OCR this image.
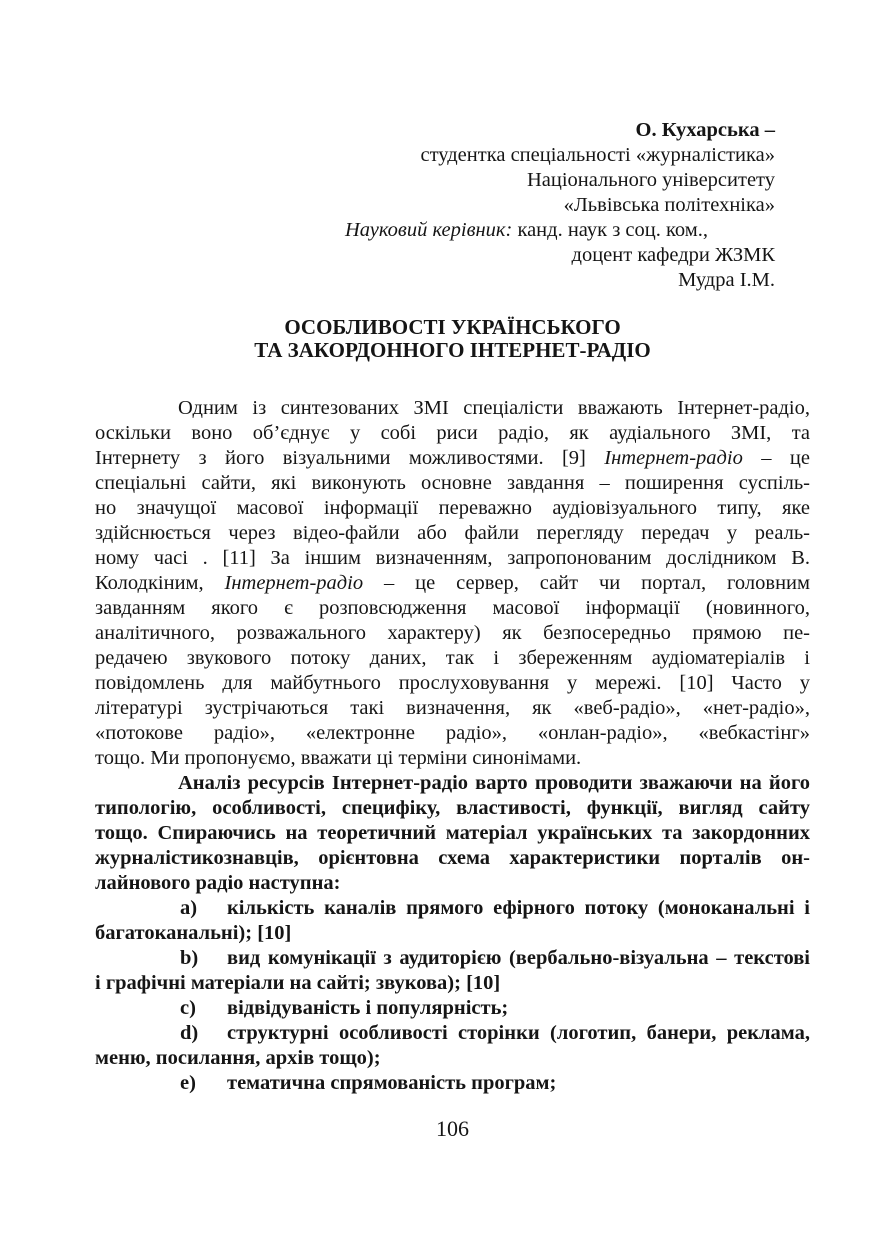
О. Кухарська –
студентка спеціальності «журналістика»
Національного університету
«Львівська політехніка»
Науковий керівник: канд. наук з соц. ком.,
доцент кафедри ЖЗМК
Мудра І.М.
ОСОБЛИВОСТІ УКРАЇНСЬКОГО
ТА ЗАКОРДОННОГО ІНТЕРНЕТ-РАДІО
Одним із синтезованих ЗМІ спеціалісти вважають Інтернет-радіо,
оскільки воно об’єднує у собі риси радіо, як аудіального ЗМІ, та
Інтернету з його візуальними можливостями. [9] Інтернет-радіо – це
спеціальні сайти, які виконують основне завдання – поширення суспіль-
но значущої масової інформації переважно аудіовізуального типу, яке
здійснюється через відео-файли або файли перегляду передач у реаль-
ному часі . [11] За іншим визначенням, запропонованим дослідником В.
Колодкіним, Інтернет-радіо – це сервер, сайт чи портал, головним
завданням якого є розповсюдження масової інформації (новинного,
аналітичного, розважального характеру) як безпосередньо прямою пе-
редачею звукового потоку даних, так і збереженням аудіоматеріалів і
повідомлень для майбутнього прослуховування у мережі. [10] Часто у
літературі зустрічаються такі визначення, як «веб-радіо», «нет-радіо»,
«потокове радіо», «електронне радіо», «онлан-радіо», «вебкастінг»
тощо. Ми пропонуємо, вважати ці терміни синонімами.
Аналіз ресурсів Інтернет-радіо варто проводити зважаючи на його
типологію, особливості, специфіку, властивості, функції, вигляд сайту
тощо. Спираючись на теоретичний матеріал українських та закордонних
журналістикознавців, орієнтовна схема характеристики порталів он-
лайнового радіо наступна:
a) кількість каналів прямого ефірного потоку (моноканальні і
багатоканальні); [10]
b) вид комунікації з аудиторією (вербально-візуальна – текстові
і графічні матеріали на сайті; звукова); [10]
c) відвідуваність і популярність;
d) структурні особливості сторінки (логотип, банери, реклама,
меню, посилання, архів тощо);
e) тематична спрямованість програм;
106
